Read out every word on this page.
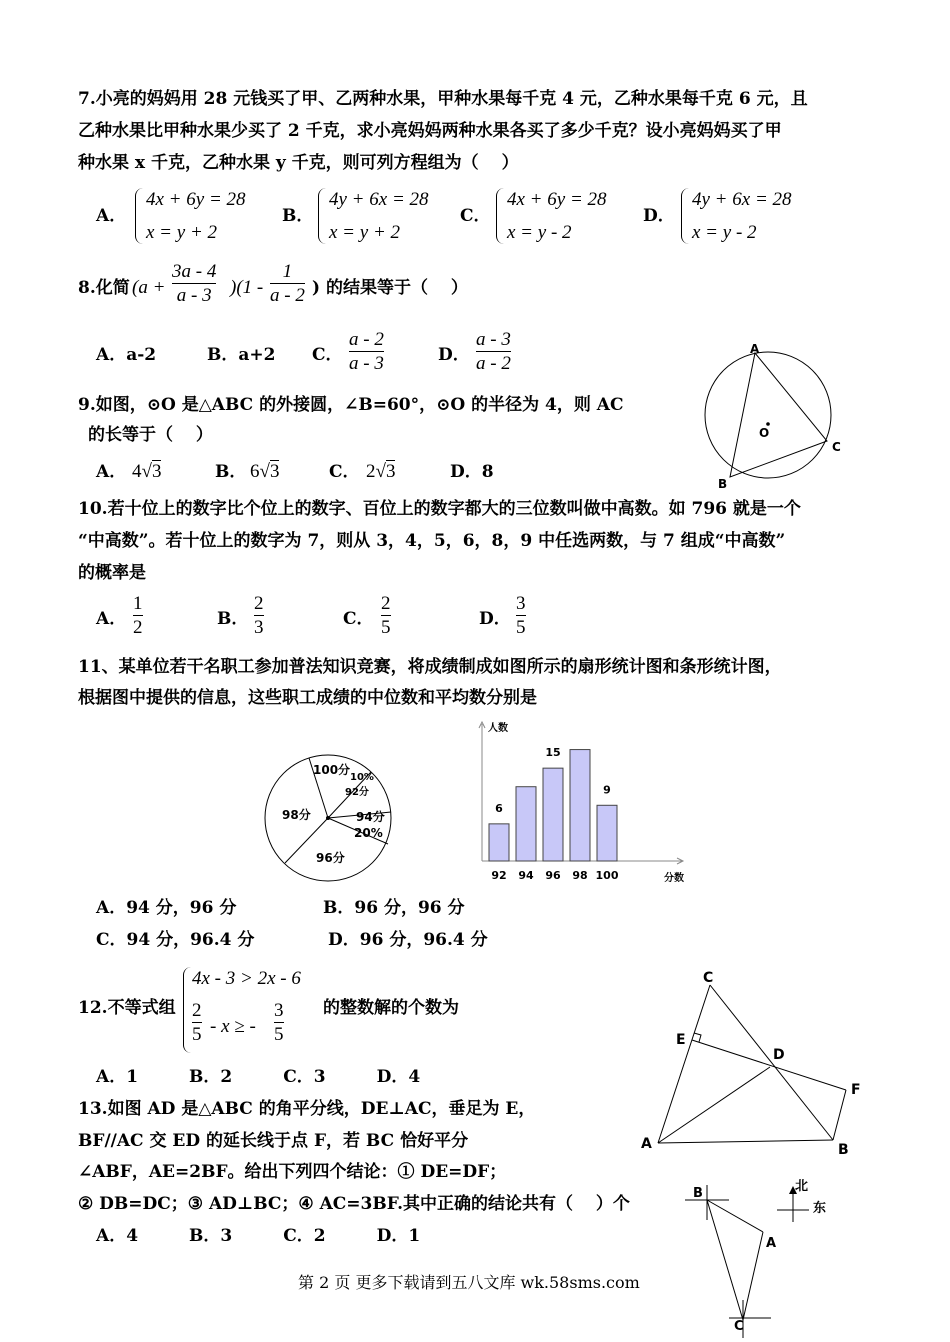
7.小亮的妈妈用 28 元钱买了甲、乙两种水果，甲种水果每千克 4 元，乙种水果每千克 6 元，且
乙种水果比甲种水果少买了 2 千克，求小亮妈妈两种水果各买了多少千克？设小亮妈妈买了甲
种水果 x 千克，乙种水果 y 千克，则可列方程组为（　 ）
A．
4x + 6y = 28
x = y + 2
B．
4y + 6x = 28
x = y + 2
C．
4x + 6y = 28
x = y - 2
D．
4y + 6x = 28
x = y - 2
8.化简 (a +
3a - 4
a - 3 )(1 -
1
a - 2 ) 的结果等于（　 ）
A．a-2	B．a+2 C．
a - 2
a - 3	D．
a - 3
a - 2
9.如图，⊙O 是△ABC 的外接圆，∠B=60°，⊙O 的半径为 4，则 AC
的长等于（　 ）
A． 4√3	B． 6√3	C． 2√3	D．8
A
B
C
O
10.若十位上的数字比个位上的数字、百位上的数字都大的三位数叫做中高数。如 796 就是一个
“中高数”。若十位上的数字为 7，则从 3，4，5，6，8，9 中任选两数，与 7 组成“中高数”
的概率是
A．
1
2	B．
2
3	C．
2
5	D．
3
5
11、某单位若干名职工参加普法知识竞赛，将成绩制成如图所示的扇形统计图和条形统计图，
根据图中提供的信息，这些职工成绩的中位数和平均数分别是
100分
10%
92分
94分
20%
98分
96分
人数
分数
92
6
94 96
15
98 100
9
A．94 分，96 分	B．96 分，96 分
C．94 分，96.4 分	D．96 分，96.4 分
12.不等式组
4x - 3 > 2x - 6
2
5 - x ≥ -
3
5
的整数解的个数为
A．1　　　B．2　　　C．3　　　D．4
13.如图 AD 是△ABC 的角平分线，DE⊥AC，垂足为 E，
BF//AC 交 ED 的延长线于点 F，若 BC 恰好平分
∠ABF，AE=2BF。给出下列四个结论：① DE=DF；
② DB=DC；③ AD⊥BC；④ AC=3BF.其中正确的结论共有（　 ）个
A．4　　　B．3　　　C．2　　　D．1
C
E
D
F
A	B
B
A
C
北
东
第 2 页 更多下载请到五八文库 wk.58sms.com
